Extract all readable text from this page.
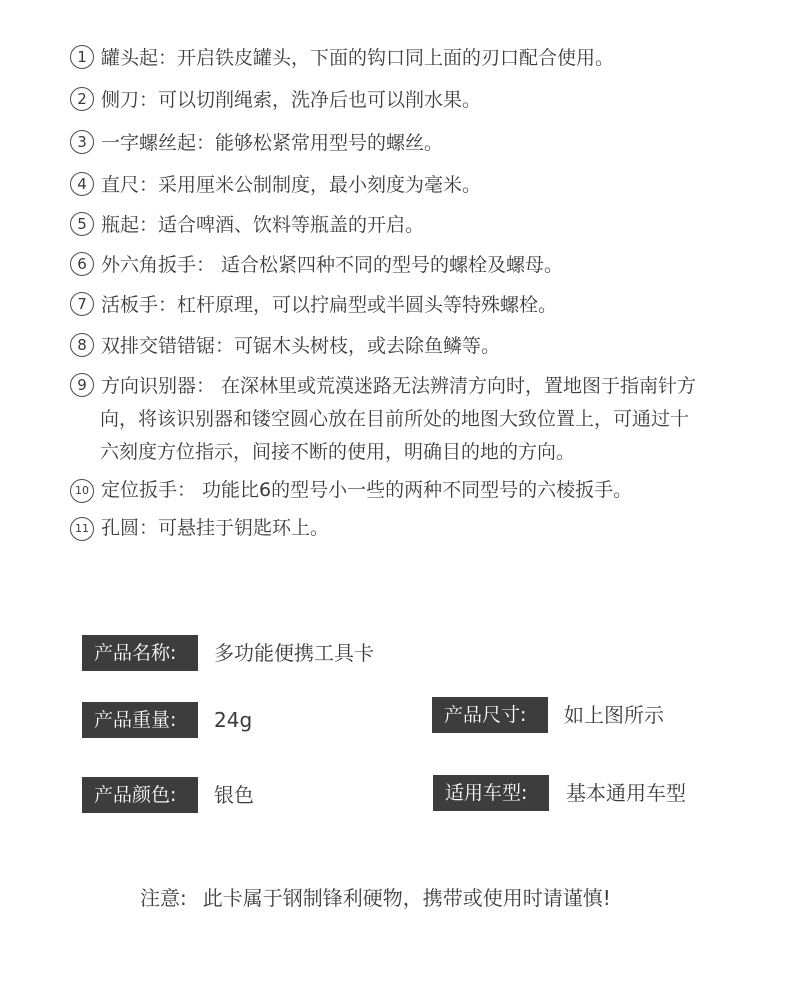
1 罐头起：开启铁皮罐头，下面的钩口同上面的刃口配合使用。
2 侧刀：可以切削绳索，洗净后也可以削水果。
3 一字螺丝起：能够松紧常用型号的螺丝。
4 直尺：采用厘米公制制度，最小刻度为毫米。
5 瓶起：适合啤酒、饮料等瓶盖的开启。
6 外六角扳手： 适合松紧四种不同的型号的螺栓及螺母。
7 活板手：杠杆原理，可以拧扁型或半圆头等特殊螺栓。
8 双排交错错锯：可锯木头树枝，或去除鱼鳞等。
9 方向识别器： 在深林里或荒漠迷路无法辨清方向时，置地图于指南针方
向，将该识别器和镂空圆心放在目前所处的地图大致位置上，可通过十
六刻度方位指示，间接不断的使用，明确目的地的方向。
10 定位扳手： 功能比6的型号小一些的两种不同型号的六棱扳手。
11 孔圆：可悬挂于钥匙环上。
产品名称:	多功能便携工具卡
产品重量:	24g	产品尺寸:	如上图所示
产品颜色:	银色	适用车型:	基本通用车型
注意: 此卡属于钢制锋利硬物，携带或使用时请谨慎!
